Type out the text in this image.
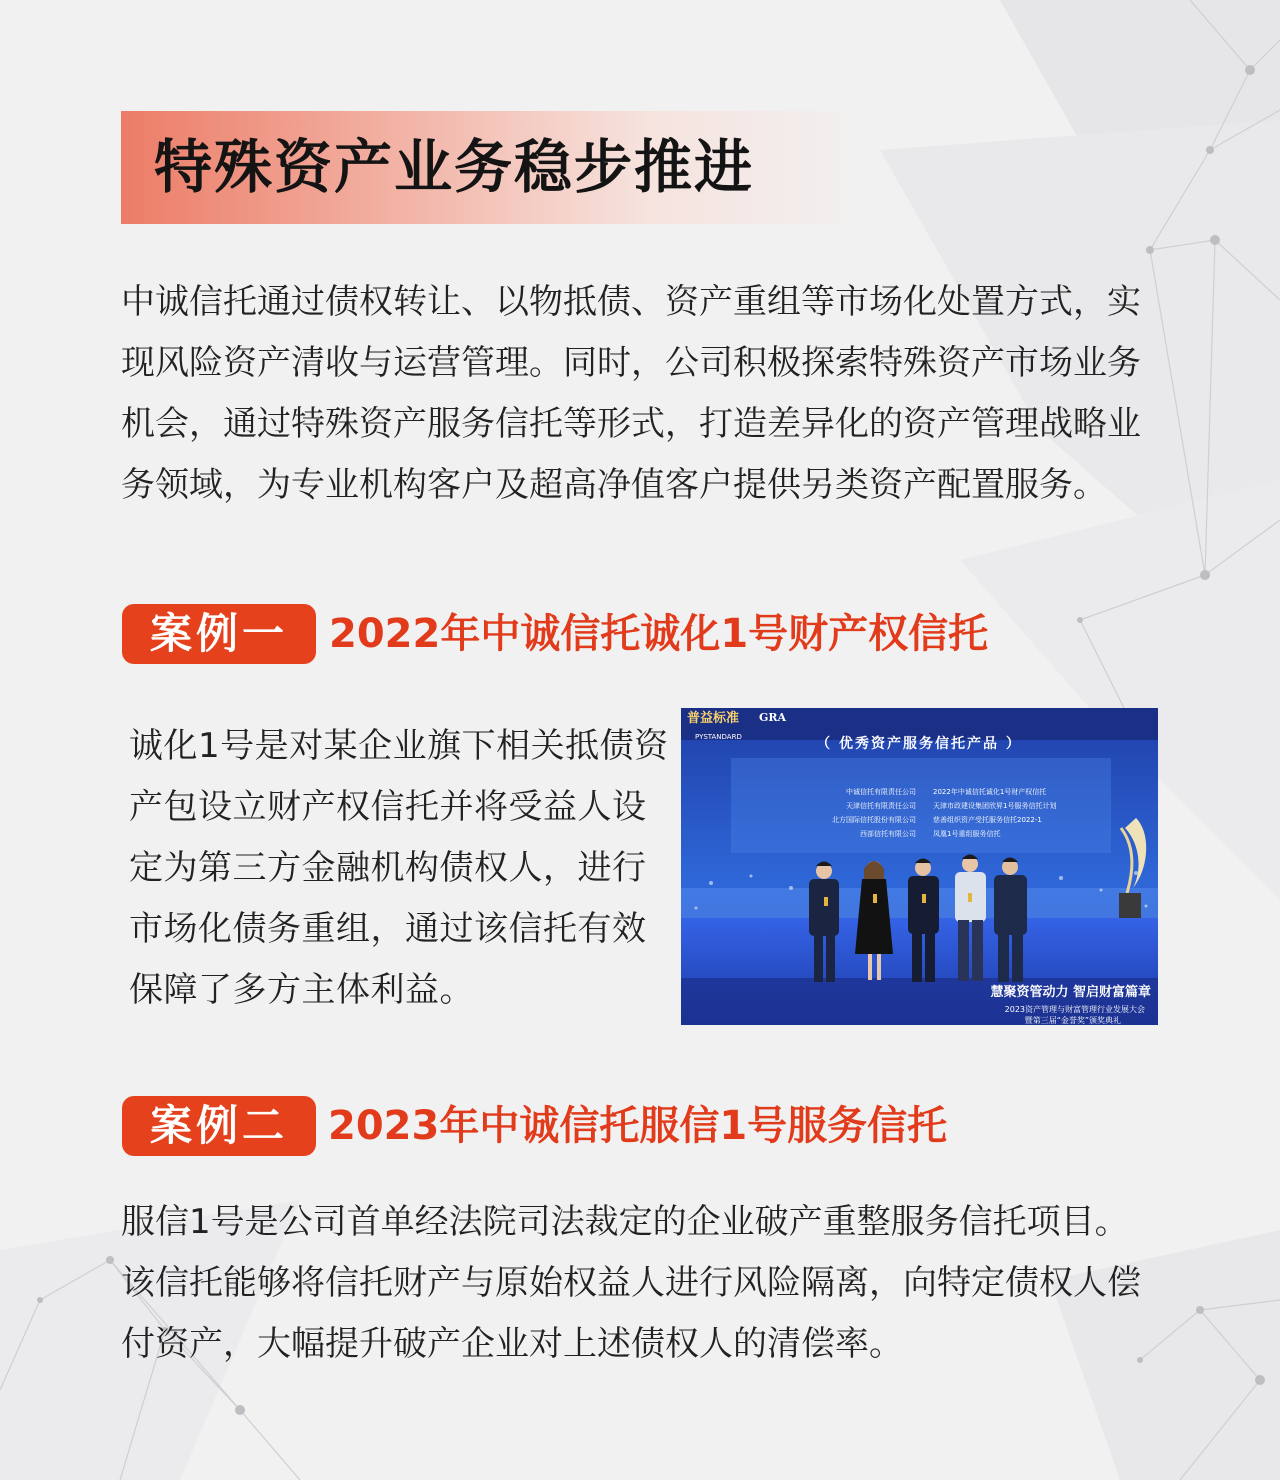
特殊资产业务稳步推进

中诚信托通过债权转让、以物抵债、资产重组等市场化处置方式，实现风险资产清收与运营管理。同时，公司积极探索特殊资产市场业务机会，通过特殊资产服务信托等形式，打造差异化的资产管理战略业务领域，为专业机构客户及超高净值客户提供另类资产配置服务。

案例一	2022年中诚信托诚化1号财产权信托

诚化1号是对某企业旗下相关抵债资产包设立财产权信托并将受益人设定为第三方金融机构债权人，进行市场化债务重组，通过该信托有效保障了多方主体利益。

普益标准
PYSTANDARD
GRA
（ 优秀资产服务信托产品 ）
中诚信托有限责任公司 2022年中诚信托诚化1号财产权信托
天津信托有限责任公司 天津市政建设集团欣昇1号服务信托计划
北方国际信托股份有限公司 慈善组织资产受托服务信托2022-1
西部信托有限公司 凤凰1号重组服务信托
慧聚资管动力 智启财富篇章
2023资产管理与财富管理行业发展大会
暨第三届“金誉奖”颁奖典礼
案例二	2023年中诚信托服信1号服务信托

服信1号是公司首单经法院司法裁定的企业破产重整服务信托项目。该信托能够将信托财产与原始权益人进行风险隔离，向特定债权人偿付资产，大幅提升破产企业对上述债权人的清偿率。
